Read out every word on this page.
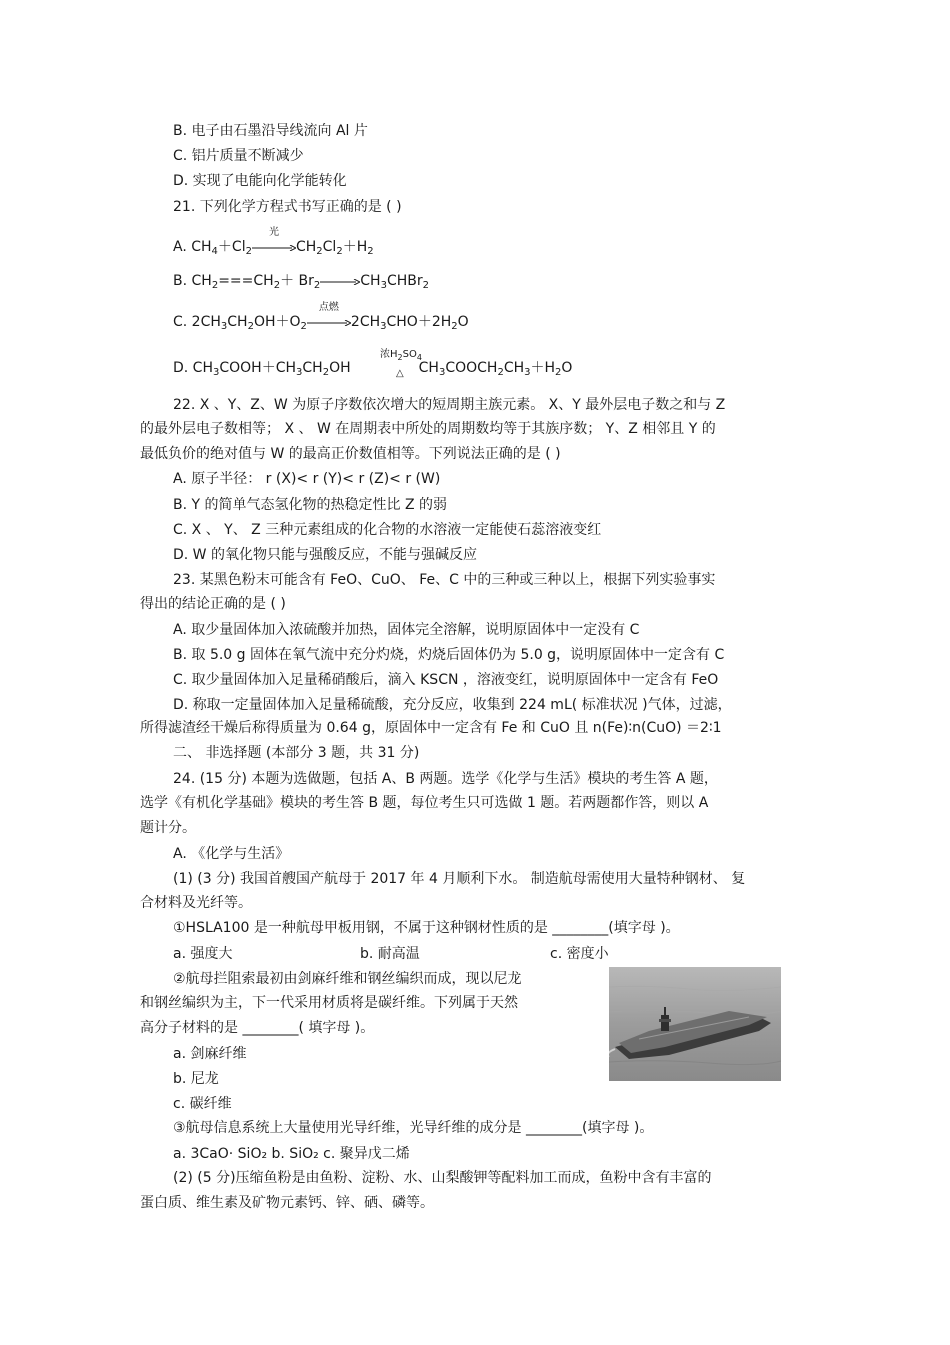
B. 电子由石墨沿导线流向 Al 片
C. 铝片质量不断减少
D. 实现了电能向化学能转化
21. 下列化学方程式书写正确的是 ( )
A. $CH_4+Cl_2$
光
$CH_2Cl_2+H_2$
B. $CH_2===CH_2+$ $Br_2\to CH_3CHBr_2$
C. $2CH_3CH_2OH+O_2$
点燃
$2CH_3CHO+2H_2O$
D. $CH_3COOH+CH_3CH_2OH$	$CH_3COOCH_2CH_3+H_2O$
浓$H_2SO_4$
△
22. X 、Y、Z、W 为原子序数依次增大的短周期主族元素。 X、Y 最外层电子数之和与 Z
的最外层电子数相等； X 、 W 在周期表中所处的周期数均等于其族序数； Y、Z 相邻且 Y 的
最低负价的绝对值与 W 的最高正价数值相等。下列说法正确的是 ( )
A. 原子半径： r (X)< r (Y)< r (Z)< r (W)
B. Y 的简单气态氢化物的热稳定性比 Z 的弱
C. X 、 Y、 Z 三种元素组成的化合物的水溶液一定能使石蕊溶液变红
D. W 的氧化物只能与强酸反应，不能与强碱反应
23. 某黑色粉末可能含有 FeO、CuO、 Fe、C 中的三种或三种以上，根据下列实验事实
得出的结论正确的是 ( )
A. 取少量固体加入浓硫酸并加热，固体完全溶解，说明原固体中一定没有 C
B. 取 5.0 g 固体在氧气流中充分灼烧，灼烧后固体仍为 5.0 g，说明原固体中一定含有 C
C. 取少量固体加入足量稀硝酸后，滴入 KSCN ，溶液变红，说明原固体中一定含有 FeO
D. 称取一定量固体加入足量稀硫酸，充分反应，收集到 224 mL( 标准状况 )气体，过滤，
所得滤渣经干燥后称得质量为 0.64 g，原固体中一定含有 Fe 和 CuO 且 n(Fe)∶n(CuO) ＝2∶1
二、 非选择题 (本部分 3 题，共 31 分)
24. (15 分) 本题为选做题，包括 A、B 两题。选学《化学与生活》模块的考生答 A 题，
选学《有机化学基础》模块的考生答 B 题，每位考生只可选做 1 题。若两题都作答，则以 A
题计分。
A. 《化学与生活》
(1) (3 分) 我国首艘国产航母于 2017 年 4 月顺利下水。 制造航母需使用大量特种钢材、 复
合材料及光纤等。
①HSLA100 是一种航母甲板用钢，不属于这种钢材性质的是 ________(填字母 )。
a. 强度大	b. 耐高温	c. 密度小
②航母拦阻索最初由剑麻纤维和钢丝编织而成，现以尼龙
和钢丝编织为主，下一代采用材质将是碳纤维。下列属于天然
高分子材料的是 ________( 填字母 )。
a. 剑麻纤维
b. 尼龙
c. 碳纤维
③航母信息系统上大量使用光导纤维，光导纤维的成分是 ________(填字母 )。
a. 3CaO· SiO₂ b. SiO₂ c. 聚异戊二烯
(2) (5 分)压缩鱼粉是由鱼粉、淀粉、水、山梨酸钾等配料加工而成，鱼粉中含有丰富的
蛋白质、维生素及矿物元素钙、锌、硒、磷等。
